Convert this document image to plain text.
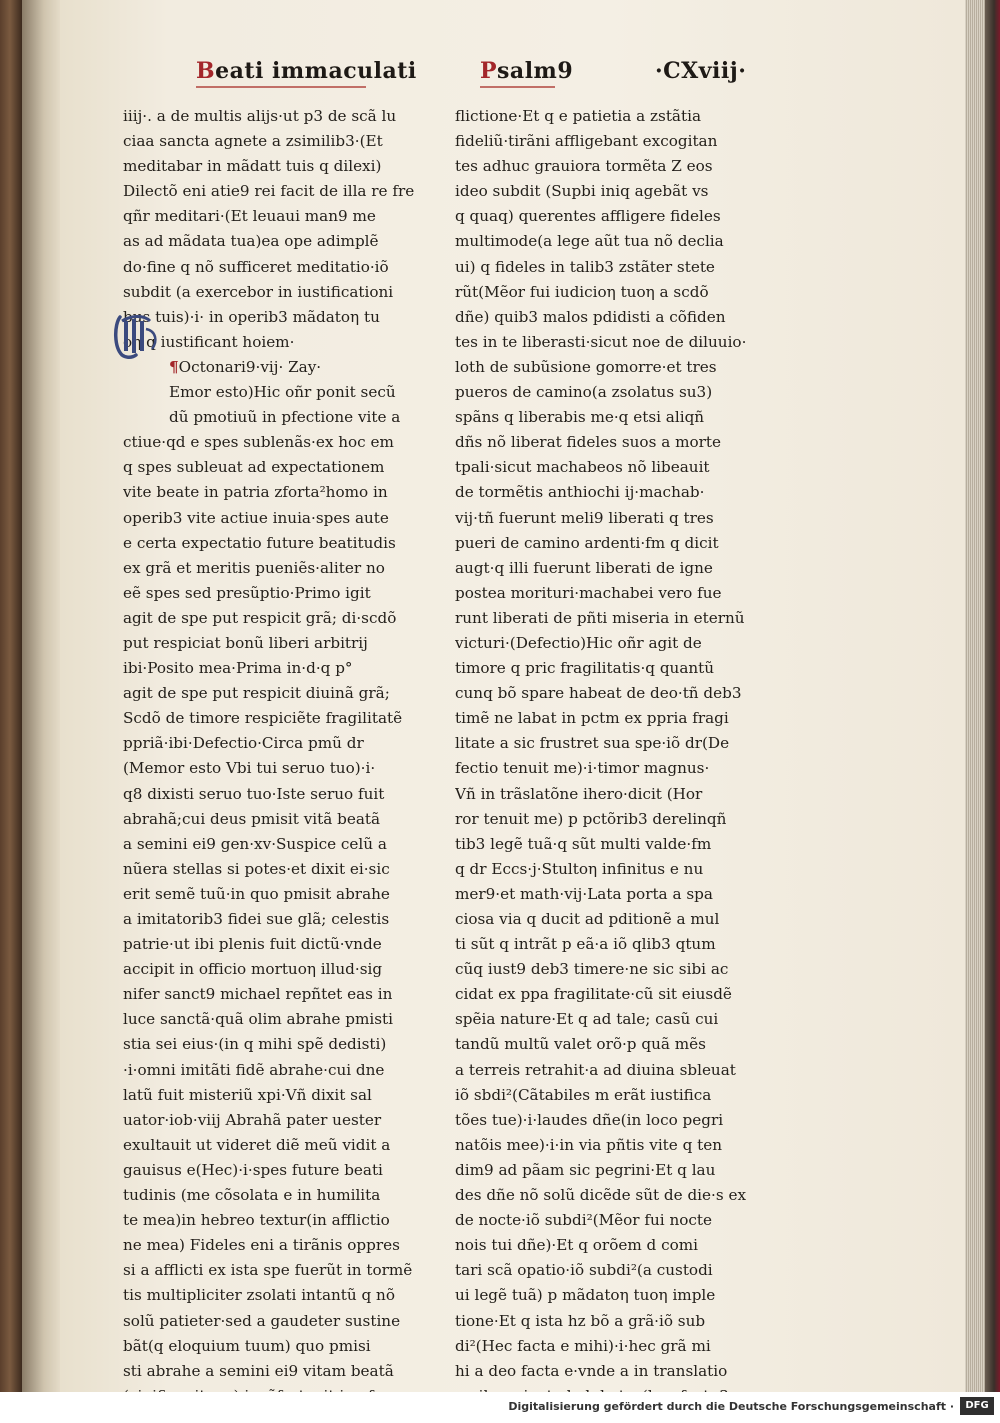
Beati immaculati	Psalm9	·CXviij·
iiij·. a de multis alijs·ut p3 de scã lu
ciaa sancta agnete a zsimilib3·(Et
meditabar in mãdatt tuis q dilexi)
Dilectõ eni atie9 rei facit de illa re fre
qñr meditari·(Et leuaui man9 me
as ad mãdata tua)ea ope adimplẽ
do·fine q nõ sufficeret meditatio·iõ
subdit (a exercebor in iustificationi
bus tuis)·i· in operib3 mãdatoη tu
oη q iustificant hoiem·
¶Octonari9·vij· Zay·
Emor esto)Hic oñr ponit secũ
dũ pmotiuũ in pfectione vite a
ctiue·qd e spes sublenãs·ex hoc em
q spes subleuat ad expectationem
vite beate in patria zforta²homo in
operib3 vite actiue inuia·spes aute
e certa expectatio future beatitudis
ex grã et meritis pueniẽs·aliter no
eẽ spes sed presũptio·Primo igit
agit de spe put respicit grã; di·scdõ
put respiciat bonũ liberi arbitrij
ibi·Posito mea·Prima in·d·q p°
agit de spe put respicit diuinã grã;
Scdõ de timore respiciẽte fragilitatẽ
ppriã·ibi·Defectio·Circa pmũ dr
(Memor esto Vbi tui seruo tuo)·i·
q8 dixisti seruo tuo·Iste seruo fuit
abrahã;cui deus pmisit vitã beatã
a semini ei9 gen·xv·Suspice celũ a
nũera stellas si potes·et dixit ei·sic
erit semẽ tuũ·in quo pmisit abrahe
a imitatorib3 fidei sue glã; celestis
patrie·ut ibi plenis fuit dictũ·vnde
accipit in officio mortuoη illud·sig
nifer sanct9 michael repñtet eas in
luce sanctã·quã olim abrahe pmisti
stia sei eius·(in q mihi spẽ dedisti)
·i·omni imitãti fidẽ abrahe·cui dne
latũ fuit misteriũ xpi·Vñ dixit sal
uator·iob·viij Abrahã pater uester
exultauit ut videret diẽ meũ vidit a
gauisus e(Hec)·i·spes future beati
tudinis (me cõsolata e in humilita
te mea)in hebreo textur(in afflictio
ne mea) Fideles eni a tirãnis oppres
si a afflicti ex ista spe fuerũt in tormẽ
tis multipliciter zsolati intantũ q nõ
solũ patieter·sed a gaudeter sustine
bãt(q eloquium tuum) quo pmisi
sti abrahe a semini ei9 vitam beatã
flictione·Et q e patietia a zstãtia
fideliũ·tirãni affligebant excogitan
tes adhuc grauiora tormẽta Z eos
ideo subdit (Supbi iniq agebãt vs
q quaq) querentes affligere fideles
multimode(a lege aũt tua nõ declia
ui) q fideles in talib3 zstãter stete
rũt(Mẽor fui iudicioη tuoη a scdõ
dñe) quib3 malos pdidisti a cõfiden
tes in te liberasti·sicut noe de diluuio·
loth de subũsione gomorre·et tres
pueros de camino(a zsolatus su3)
spãns q liberabis me·q etsi aliqñ
dñs nõ liberat fideles suos a morte
tpali·sicut machabeos nõ libeauit
de tormẽtis anthiochi ij·machab·
vij·tñ fuerunt meli9 liberati q tres
pueri de camino ardenti·fm q dicit
augt·q illi fuerunt liberati de igne
postea morituri·machabei vero fue
runt liberati de pñti miseria in eternũ
victuri·(Defectio)Hic oñr agit de
timore q pric fragilitatis·q quantũ
cunq bõ spare habeat de deo·tñ deb3
timẽ ne labat in pctm ex ppria fragi
litate a sic frustret sua spe·iõ dr(De
fectio tenuit me)·i·timor magnus·
Vñ in trãslatõne ihero·dicit (Hor
ror tenuit me) p pctõrib3 derelinqñ
tib3 legẽ tuã·q sũt multi valde·fm
q dr Eccs·j·Stultoη infinitus e nu
mer9·et math·vij·Lata porta a spa
ciosa via q ducit ad pditionẽ a mul
ti sũt q intrãt p eã·a iõ qlib3 qtum
cũq iust9 deb3 timere·ne sic sibi ac
cidat ex ppa fragilitate·cũ sit eiusdẽ
spẽia nature·Et q ad tale; casũ cui
tandũ multũ valet orõ·p quã mẽs
a terreis retrahit·a ad diuina sbleuat
iõ sbdi²(Cãtabiles m erãt iustifica
tões tue)·i·laudes dñe(in loco pegri
natõis mee)·i·in via pñtis vite q ten
dim9 ad pãam sic pegrini·Et q lau
des dñe nõ solũ dicẽde sũt de die·s ex
de nocte·iõ subdi²(Mẽor fui nocte
nois tui dñe)·Et q orõem d comi
tari scã opatio·iõ subdi²(a custodi
ui legẽ tuã) p mãdatoη tuoη imple
tione·Et q ista hz bõ a grã·iõ sub
di²(Hec facta e mihi)·i·hec grã mi
hi a deo facta e·vnde a in translatio
Digitalisierung gefördert durch die Deutsche Forschungsgemeinschaft ·	DFG
